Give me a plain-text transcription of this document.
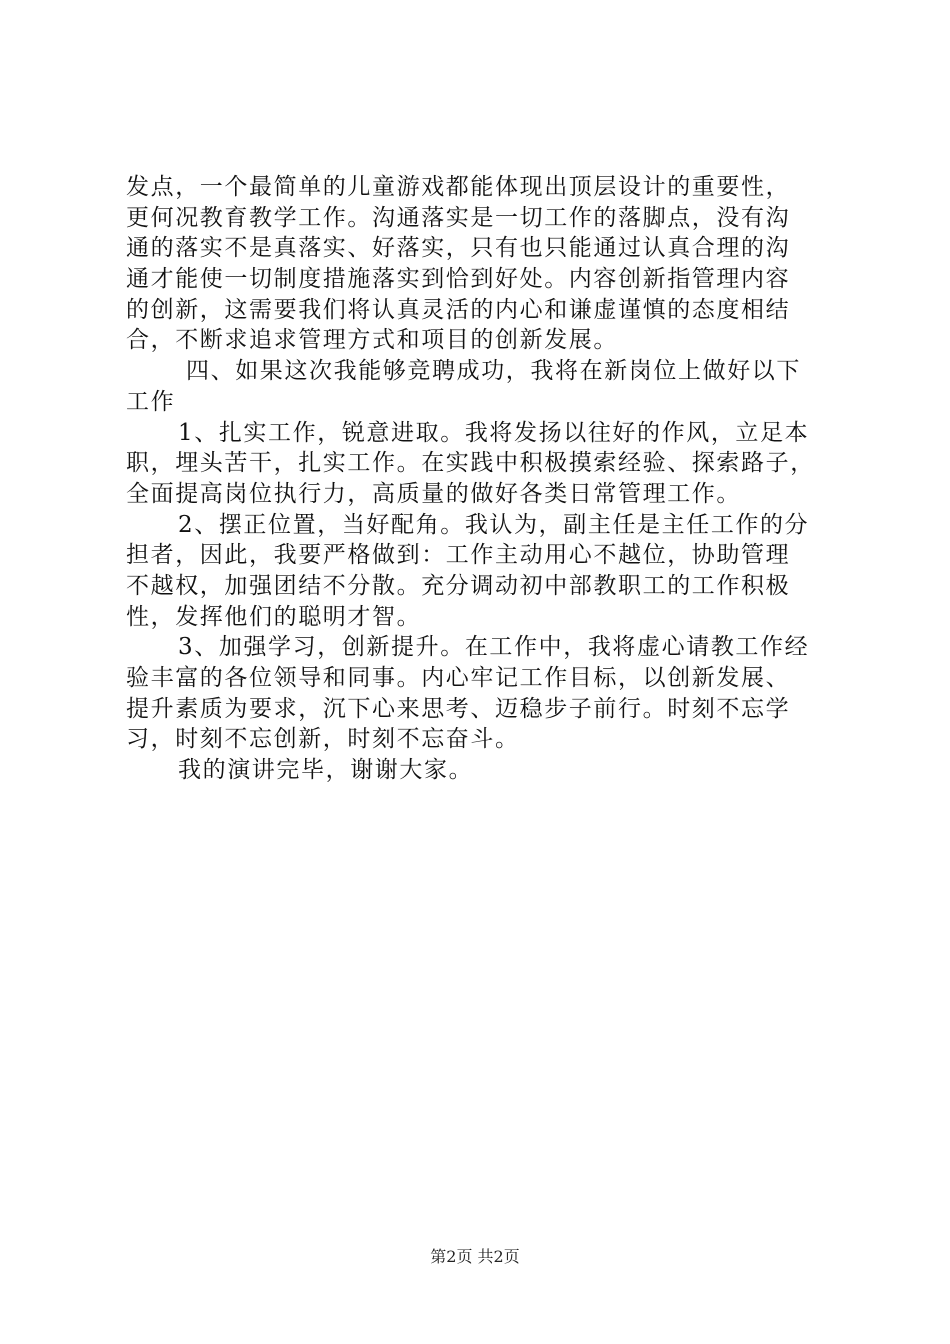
发点，一个最简单的儿童游戏都能体现出顶层设计的重要性，
更何况教育教学工作。沟通落实是一切工作的落脚点，没有沟
通的落实不是真落实、好落实，只有也只能通过认真合理的沟
通才能使一切制度措施落实到恰到好处。内容创新指管理内容
的创新，这需要我们将认真灵活的内心和谦虚谨慎的态度相结
合，不断求追求管理方式和项目的创新发展。
四、如果这次我能够竞聘成功，我将在新岗位上做好以下
工作
1、扎实工作，锐意进取。我将发扬以往好的作风，立足本
职，埋头苦干，扎实工作。在实践中积极摸索经验、探索路子，
全面提高岗位执行力，高质量的做好各类日常管理工作。
2、摆正位置，当好配角。我认为，副主任是主任工作的分
担者，因此，我要严格做到：工作主动用心不越位，协助管理
不越权，加强团结不分散。充分调动初中部教职工的工作积极
性，发挥他们的聪明才智。
3、加强学习，创新提升。在工作中，我将虚心请教工作经
验丰富的各位领导和同事。内心牢记工作目标，以创新发展、
提升素质为要求，沉下心来思考、迈稳步子前行。时刻不忘学
习，时刻不忘创新，时刻不忘奋斗。
我的演讲完毕，谢谢大家。
第2页 共2页
